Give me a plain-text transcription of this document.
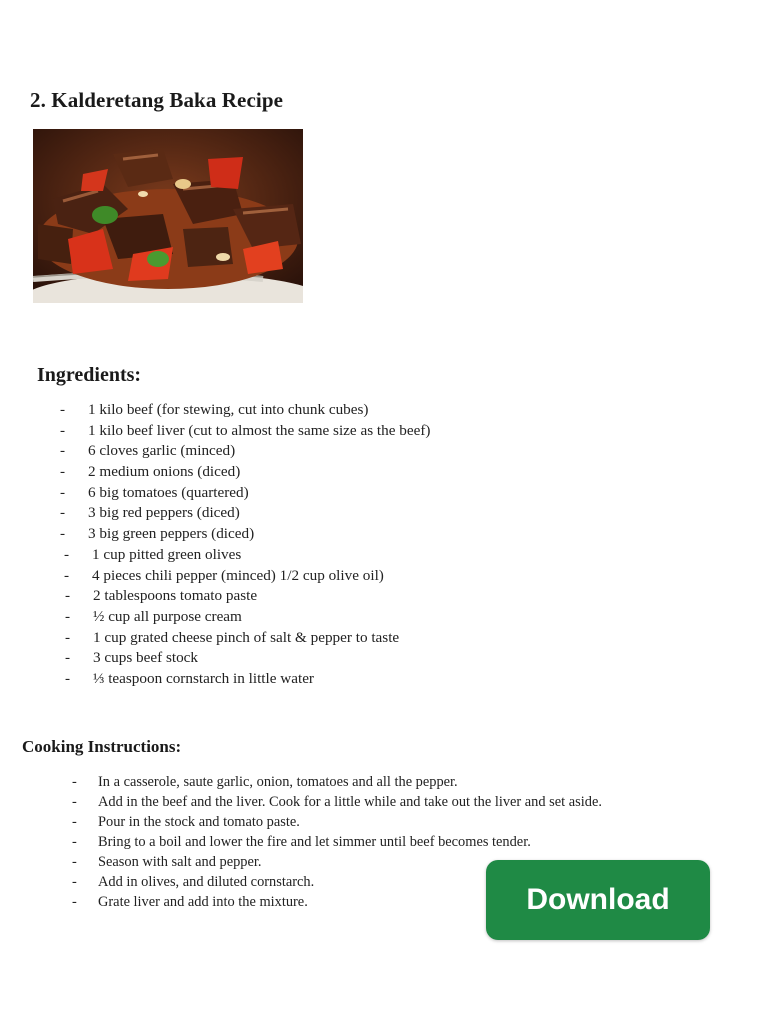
2. Kalderetang Baka Recipe
Ingredients:
- 1 kilo beef (for stewing, cut into chunk cubes)
- 1 kilo beef liver (cut to almost the same size as the beef)
- 6 cloves garlic (minced)
- 2 medium onions (diced)
- 6 big tomatoes (quartered)
- 3 big red peppers (diced)
- 3 big green peppers (diced)
- 1 cup pitted green olives
- 4 pieces chili pepper (minced) 1/2 cup olive oil)
- 2 tablespoons tomato paste
- ½ cup all purpose cream
- 1 cup grated cheese pinch of salt & pepper to taste
- 3 cups beef stock
- ⅓ teaspoon cornstarch in little water
Cooking Instructions:
- In a casserole, saute garlic, onion, tomatoes and all the pepper.
- Add in the beef and the liver. Cook for a little while and take out the liver and set aside.
- Pour in the stock and tomato paste.
- Bring to a boil and lower the fire and let simmer until beef becomes tender.
- Season with salt and pepper.
- Add in olives, and diluted cornstarch.
- Grate liver and add into the mixture.	Download
